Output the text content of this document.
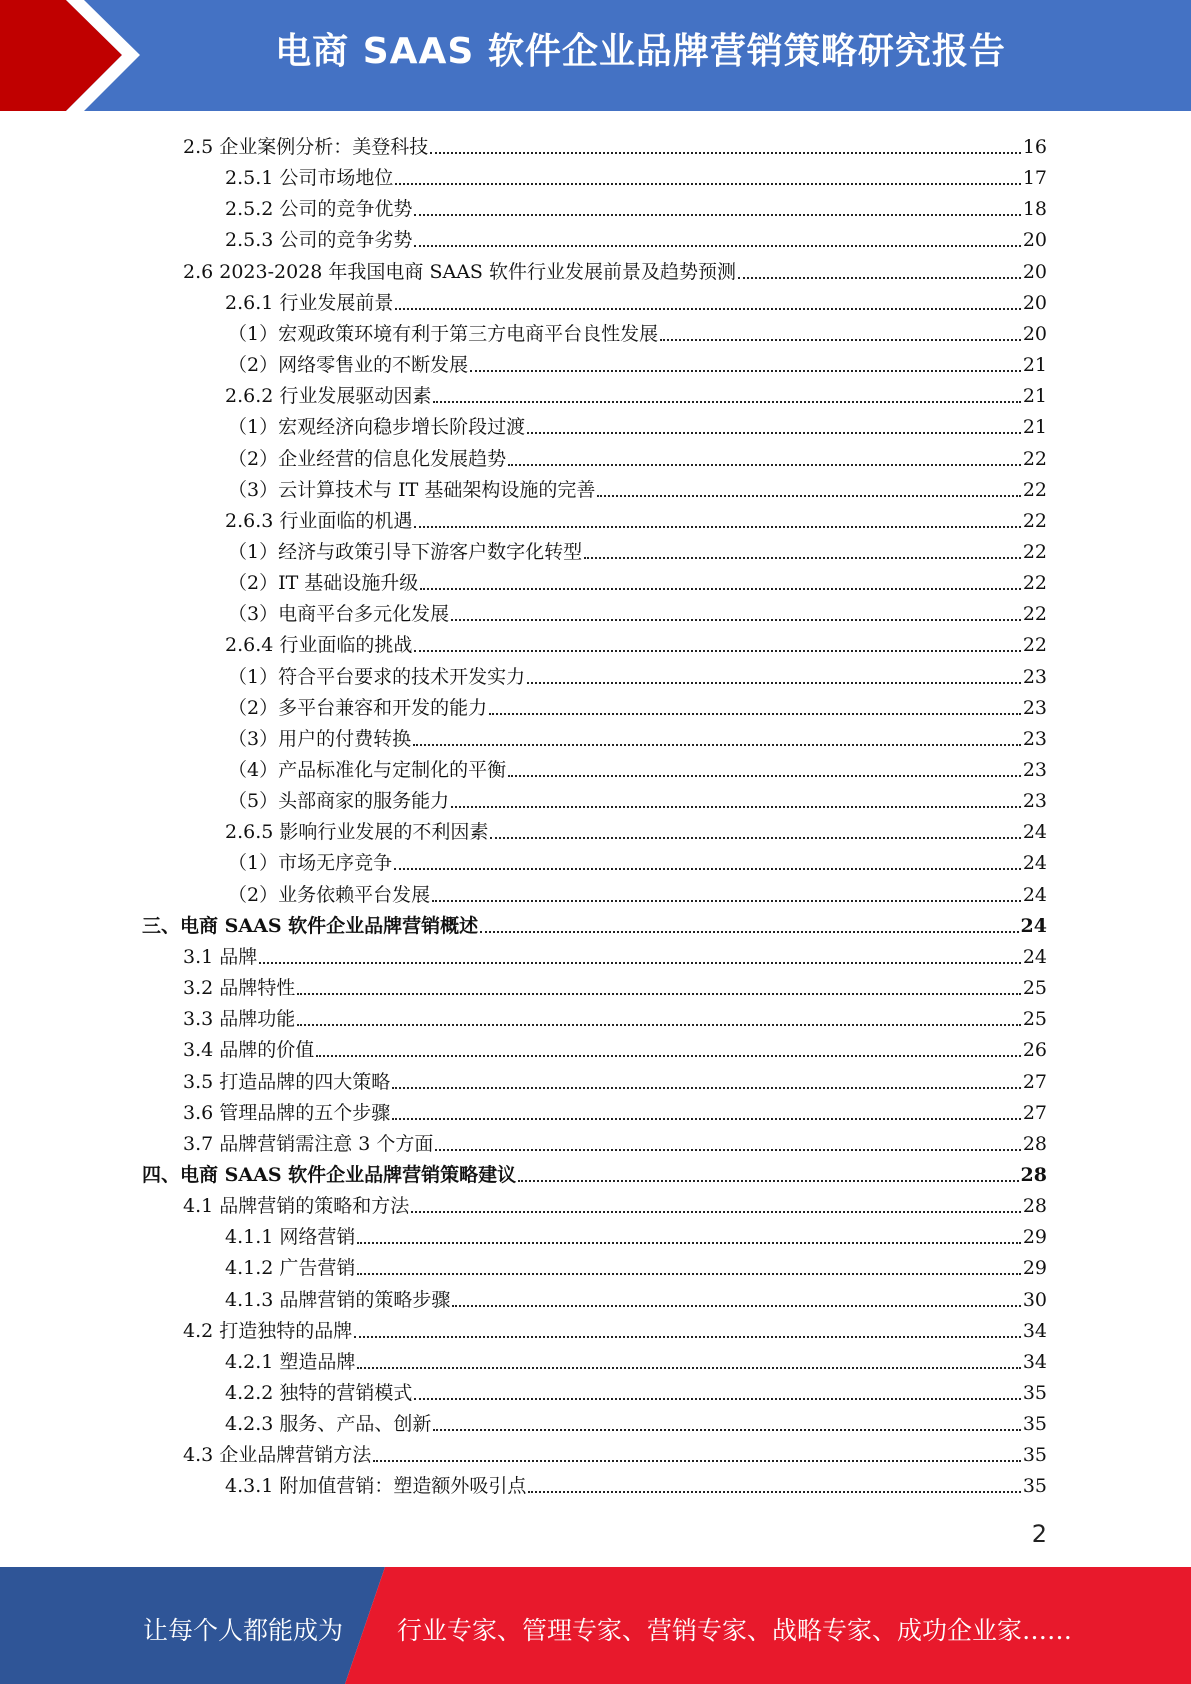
电商 SAAS 软件企业品牌营销策略研究报告
2.5 企业案例分析：美登科技	16
2.5.1 公司市场地位	17
2.5.2 公司的竞争优势	18
2.5.3 公司的竞争劣势	20
2.6 2023-2028 年我国电商 SAAS 软件行业发展前景及趋势预测	20
2.6.1 行业发展前景	20
（1）宏观政策环境有利于第三方电商平台良性发展	20
（2）网络零售业的不断发展	21
2.6.2 行业发展驱动因素	21
（1）宏观经济向稳步增长阶段过渡	21
（2）企业经营的信息化发展趋势	22
（3）云计算技术与 IT 基础架构设施的完善	22
2.6.3 行业面临的机遇	22
（1）经济与政策引导下游客户数字化转型	22
（2）IT 基础设施升级	22
（3）电商平台多元化发展	22
2.6.4 行业面临的挑战	22
（1）符合平台要求的技术开发实力	23
（2）多平台兼容和开发的能力	23
（3）用户的付费转换	23
（4）产品标准化与定制化的平衡	23
（5）头部商家的服务能力	23
2.6.5 影响行业发展的不利因素	24
（1）市场无序竞争	24
（2）业务依赖平台发展	24
三、电商 SAAS 软件企业品牌营销概述	24
3.1 品牌	24
3.2 品牌特性	25
3.3 品牌功能	25
3.4 品牌的价值	26
3.5 打造品牌的四大策略	27
3.6 管理品牌的五个步骤	27
3.7 品牌营销需注意 3 个方面	28
四、电商 SAAS 软件企业品牌营销策略建议	28
4.1 品牌营销的策略和方法	28
4.1.1 网络营销	29
4.1.2 广告营销	29
4.1.3 品牌营销的策略步骤	30
4.2 打造独特的品牌	34
4.2.1 塑造品牌	34
4.2.2 独特的营销模式	35
4.2.3 服务、产品、创新	35
4.3 企业品牌营销方法	35
4.3.1 附加值营销：塑造额外吸引点	35
2
让每个人都能成为 行业专家、管理专家、营销专家、战略专家、成功企业家……
